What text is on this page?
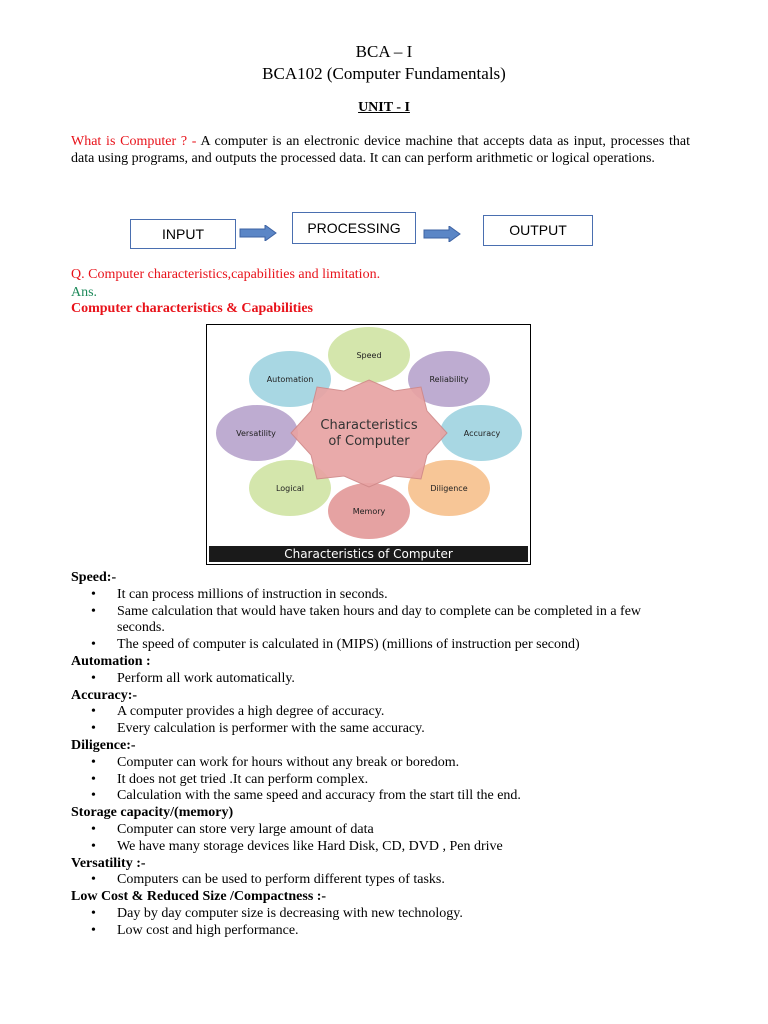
BCA – I
BCA102 (Computer Fundamentals)
UNIT - I
What is Computer ? - A computer is an electronic device machine that accepts data as input, processes that data using programs, and outputs the processed data. It can can perform arithmetic or logical operations.
INPUT	PROCESSING	OUTPUT
Q. Computer characteristics,capabilities and limitation.
Ans.
Computer characteristics & Capabilities
Speed
Reliability
Accuracy
Diligence
Memory
Logical
Versatility
Automation
Characteristics
of Computer
Characteristics of Computer
Speed:-
• It can process millions of instruction in seconds.
• Same calculation that would have taken hours and day to complete can be completed in a few seconds.
• The speed of computer is calculated in (MIPS) (millions of instruction per second)
Automation :
• Perform all work automatically.
Accuracy:-
• A computer provides a high degree of accuracy.
• Every calculation is performer with the same accuracy.
Diligence:-
• Computer can work for hours without any break or boredom.
• It does not get tried .It can perform complex.
• Calculation with the same speed and accuracy from the start till the end.
Storage capacity/(memory)
• Computer can store very large amount of data
• We have many storage devices like Hard Disk, CD, DVD , Pen drive
Versatility :-
• Computers can be used to perform different types of tasks.
Low Cost & Reduced Size /Compactness :-
• Day by day computer size is decreasing with new technology.
• Low cost and high performance.
